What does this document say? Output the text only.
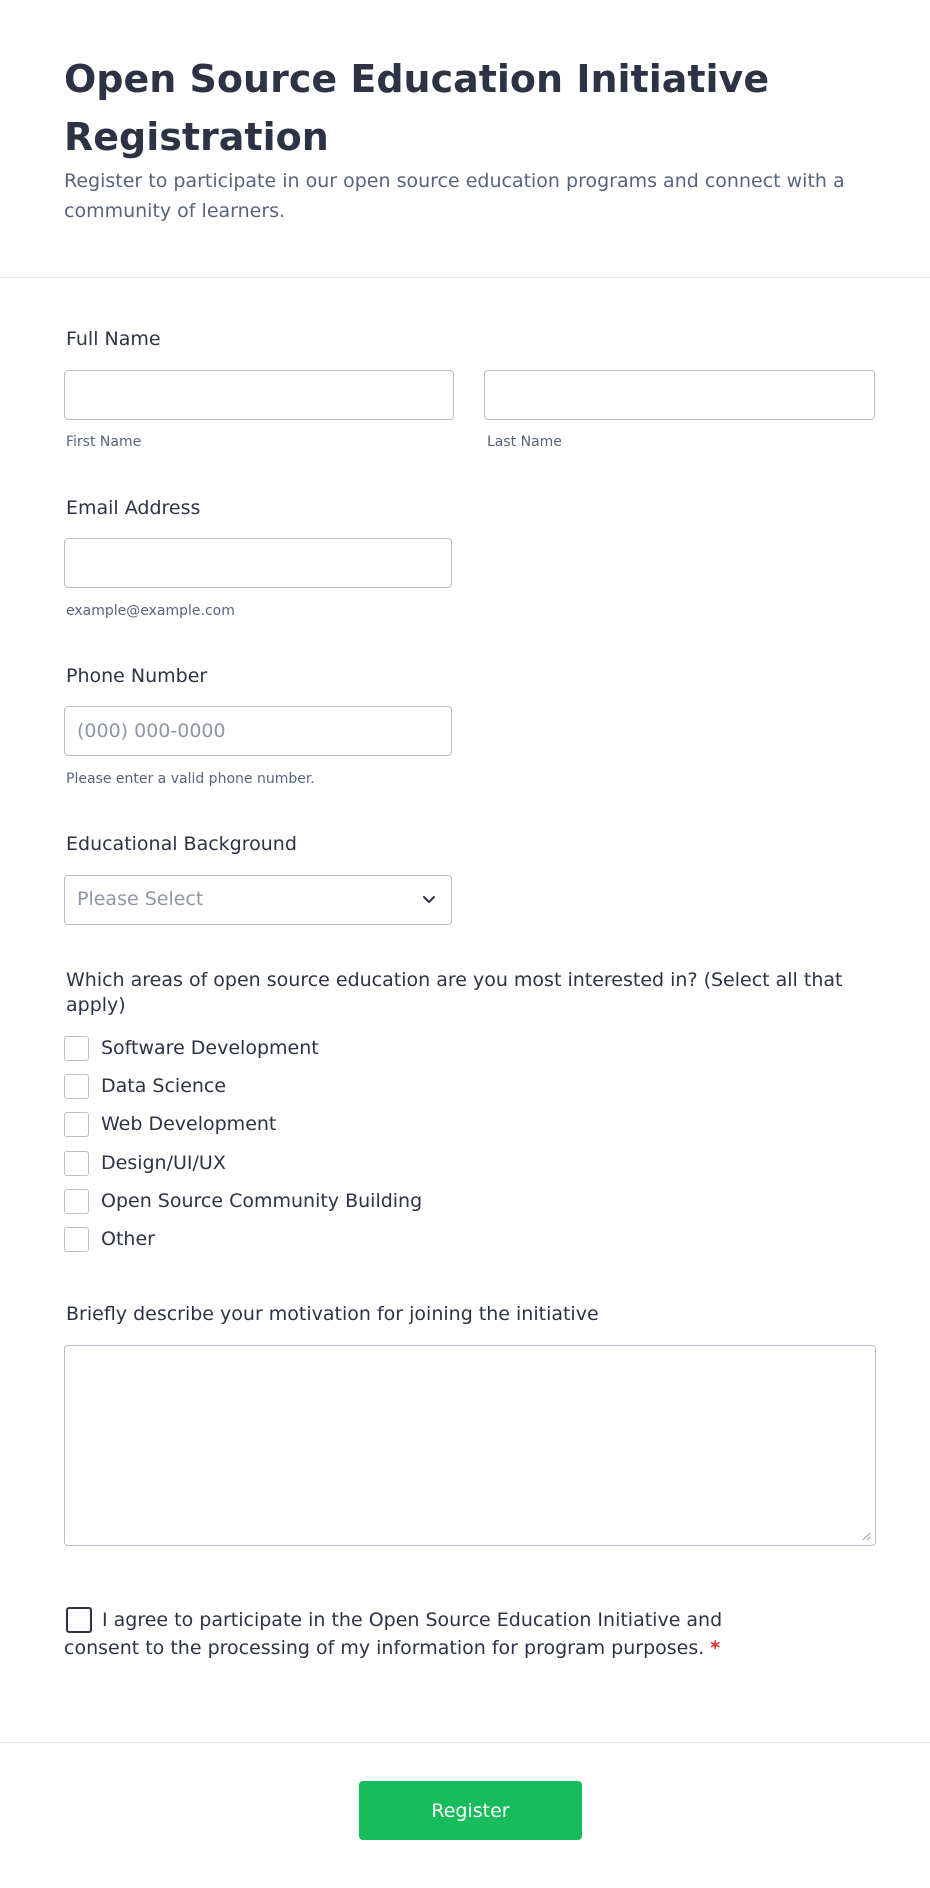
Open Source Education Initiative Registration
Register to participate in our open source education programs and connect with a community of learners.
Full Name
First Name	Last Name
Email Address
example@example.com
Phone Number
(000) 000-0000
Please enter a valid phone number.
Educational Background
Please Select
Which areas of open source education are you most interested in? (Select all that apply)
Software Development
Data Science
Web Development
Design/UI/UX
Open Source Community Building
Other
Briefly describe your motivation for joining the initiative
I agree to participate in the Open Source Education Initiative and consent to the processing of my information for program purposes. *
Register
